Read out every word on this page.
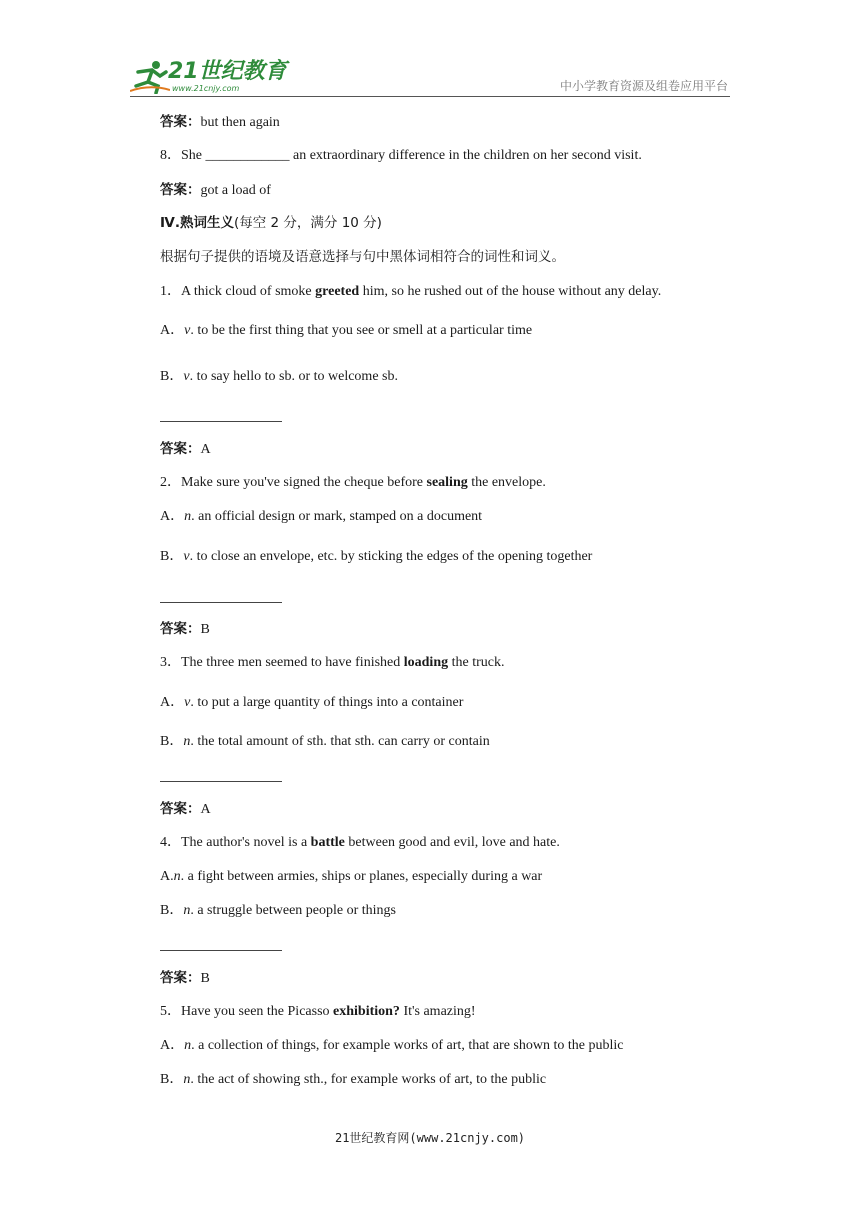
21世纪教育
www.21cnjy.com	中小学教育资源及组卷应用平台
答案：but then again
8．She ____________ an extraordinary difference in the children on her second visit.
答案：got a load of
Ⅳ.熟词生义(每空 2 分，满分 10 分)
根据句子提供的语境及语意选择与句中黑体词相符合的词性和词义。
1．A thick cloud of smoke greeted him, so he rushed out of the house without any delay.
A．v. to be the first thing that you see or smell at a particular time
B．v. to say hello to sb. or to welcome sb.
答案：A
2．Make sure you've signed the cheque before sealing the envelope.
A．n. an official design or mark, stamped on a document
B．v. to close an envelope, etc. by sticking the edges of the opening together
答案：B
3．The three men seemed to have finished loading the truck.
A．v. to put a large quantity of things into a container
B．n. the total amount of sth. that sth. can carry or contain
答案：A
4．The author's novel is a battle between good and evil, love and hate.
A.n. a fight between armies, ships or planes, especially during a war
B．n. a struggle between people or things
答案：B
5．Have you seen the Picasso exhibition? It's amazing!
A．n. a collection of things, for example works of art, that are shown to the public
B．n. the act of showing sth., for example works of art, to the public
21世纪教育网(www.21cnjy.com)
